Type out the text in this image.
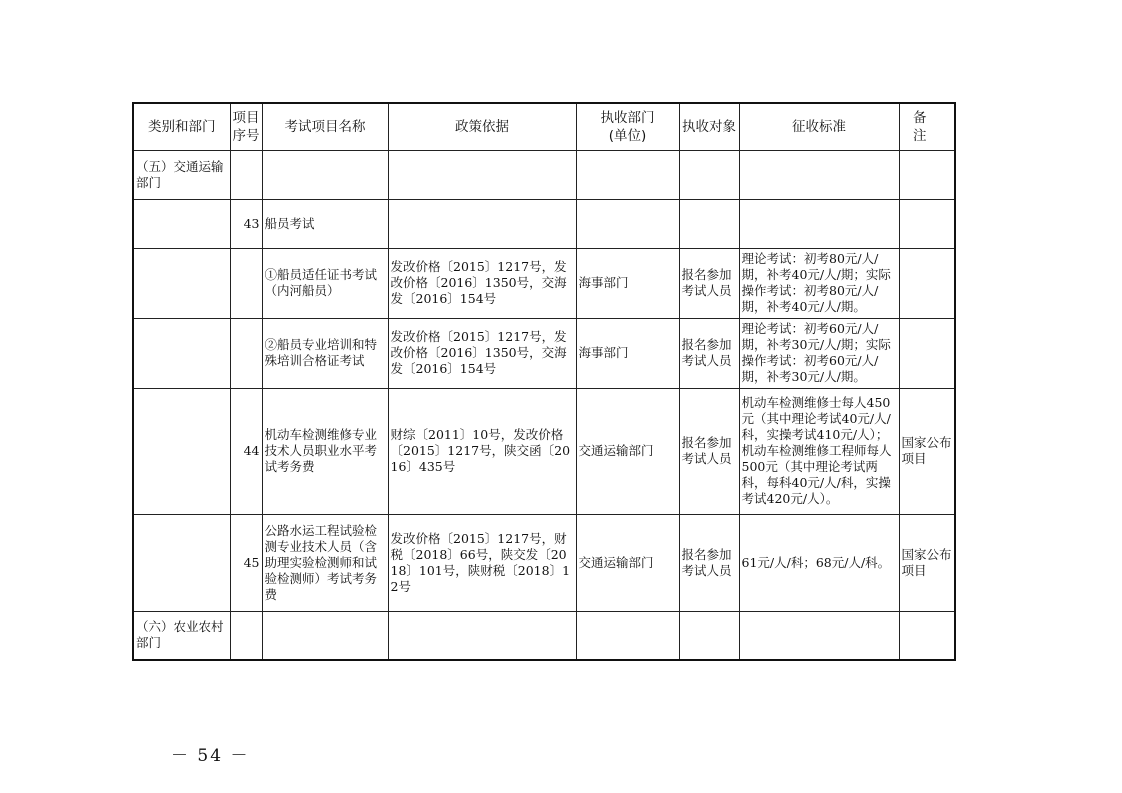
类别和部门	项目序号	考试项目名称	政策依据	执收部门(单位)	执收对象	征收标准	备注
（五）交通运输部门							
	43	船员考试					
		①船员适任证书考试（内河船员）	发改价格〔2015〕1217号，发改价格〔2016〕1350号，交海发〔2016〕154号	海事部门	报名参加考试人员	理论考试：初考80元/人/期，补考40元/人/期；实际操作考试：初考80元/人/期，补考40元/人/期。	
		②船员专业培训和特殊培训合格证考试	发改价格〔2015〕1217号，发改价格〔2016〕1350号，交海发〔2016〕154号	海事部门	报名参加考试人员	理论考试：初考60元/人/期，补考30元/人/期；实际操作考试：初考60元/人/期，补考30元/人/期。	
	44	机动车检测维修专业技术人员职业水平考试考务费	财综〔2011〕10号，发改价格〔2015〕1217号，陕交函〔2016〕435号	交通运输部门	报名参加考试人员	机动车检测维修士每人450元（其中理论考试40元/人/科，实操考试410元/人）；机动车检测维修工程师每人500元（其中理论考试两科，每科40元/人/科，实操考试420元/人）。	国家公布项目
	45	公路水运工程试验检测专业技术人员（含助理实验检测师和试验检测师）考试考务费	发改价格〔2015〕1217号，财税〔2018〕66号，陕交发〔2018〕101号，陕财税〔2018〕12号	交通运输部门	报名参加考试人员	61元/人/科；68元/人/科。	国家公布项目
（六）农业农村部门							
－ 54 －
